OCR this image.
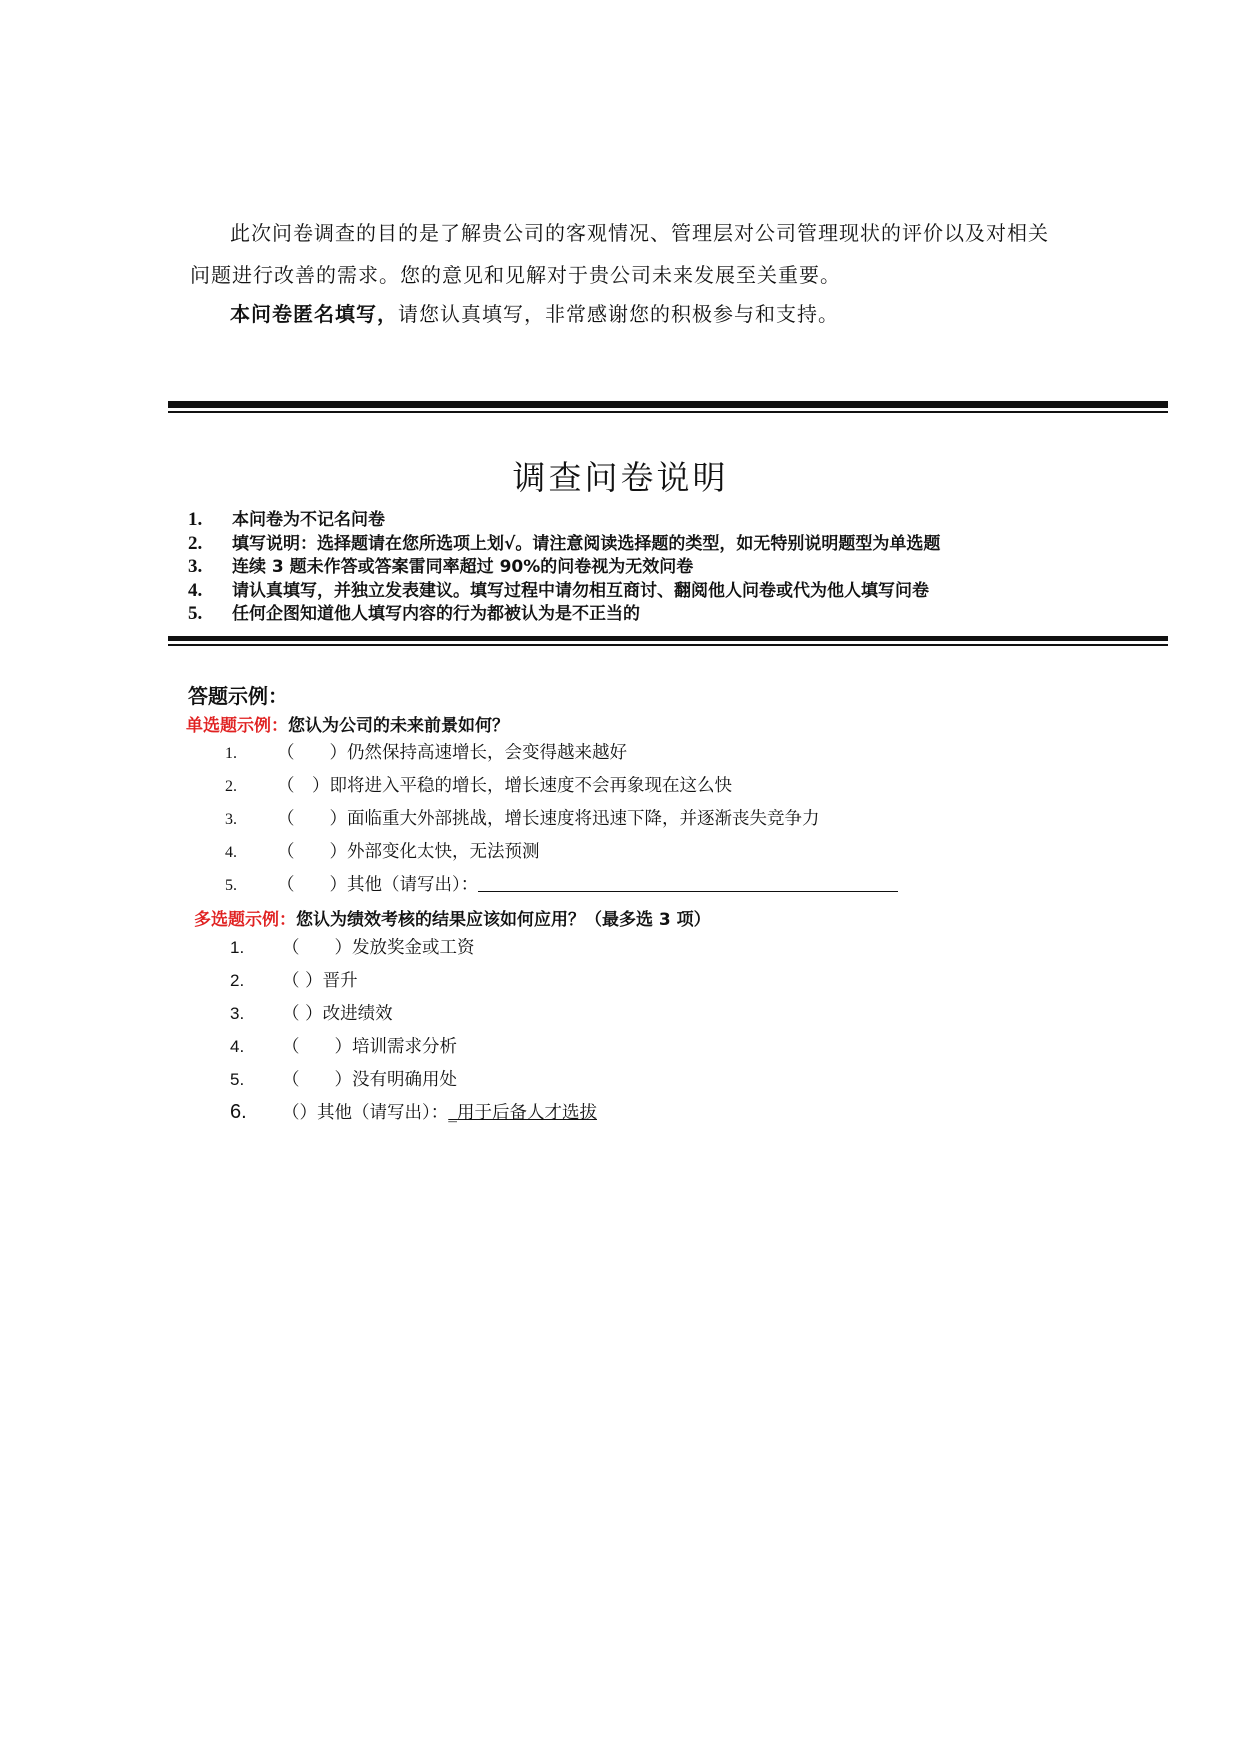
此次问卷调查的目的是了解贵公司的客观情况、管理层对公司管理现状的评价以及对相关问题进行改善的需求。您的意见和见解对于贵公司未来发展至关重要。

本问卷匿名填写，请您认真填写，非常感谢您的积极参与和支持。
调查问卷说明
1. 本问卷为不记名问卷
2. 填写说明：选择题请在您所选项上划√。请注意阅读选择题的类型，如无特别说明题型为单选题
3. 连续 3 题未作答或答案雷同率超过 90%的问卷视为无效问卷
4. 请认真填写，并独立发表建议。填写过程中请勿相互商讨、翻阅他人问卷或代为他人填写问卷
5. 任何企图知道他人填写内容的行为都被认为是不正当的
答题示例：
单选题示例：您认为公司的未来前景如何？
1. （　　）仍然保持高速增长，会变得越来越好
2. （　）即将进入平稳的增长，增长速度不会再象现在这么快
3. （　　）面临重大外部挑战，增长速度将迅速下降，并逐渐丧失竞争力
4. （　　）外部变化太快，无法预测
5. （　　）其他（请写出）：
多选题示例：您认为绩效考核的结果应该如何应用？（最多选 3 项）
1. （　　）发放奖金或工资
2. （ ）晋升
3. （ ）改进绩效
4. （　　）培训需求分析
5. （　　）没有明确用处
6. （）其他（请写出）：_用于后备人才选拔
